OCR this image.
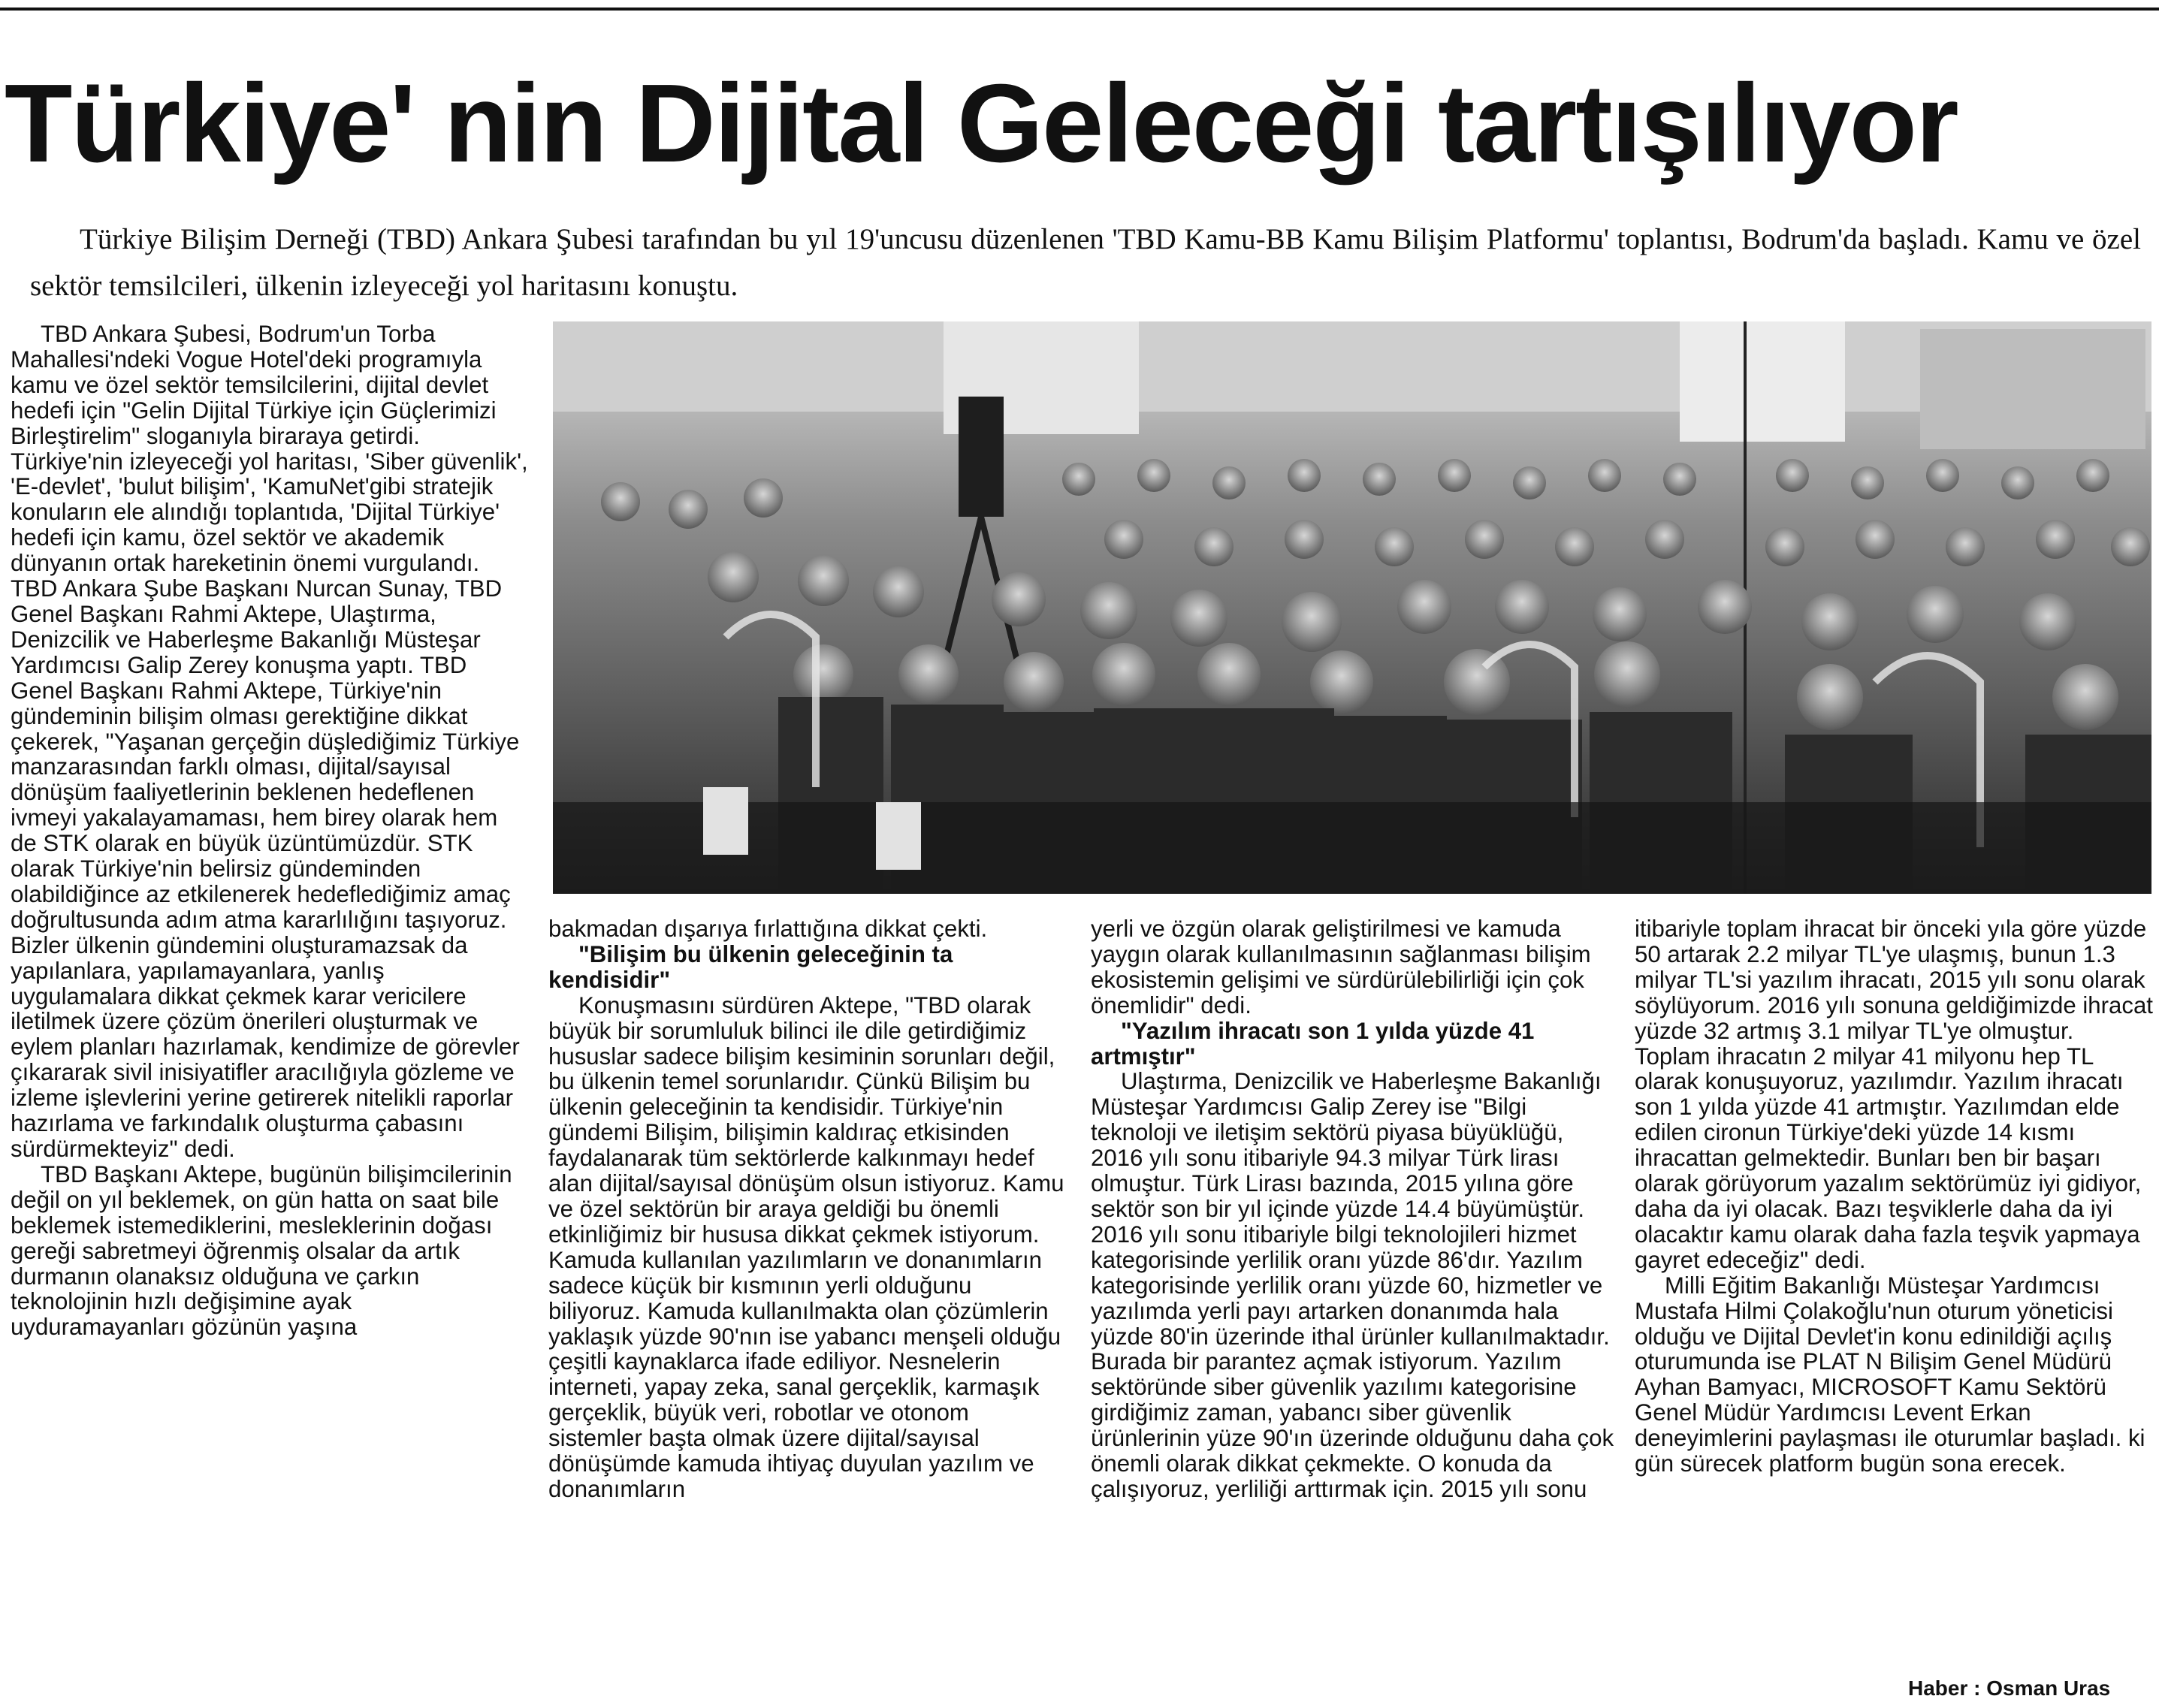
Türkiye' nin Dijital Geleceği tartışılıyor
Türkiye Bilişim Derneği (TBD) Ankara Şubesi tarafından bu yıl 19'uncusu düzenlenen 'TBD Kamu-BB Kamu Bilişim Platformu' toplantısı, Bodrum'da başladı. Kamu ve özel sektör temsilcileri, ülkenin izleyeceği yol haritasını konuştu.

TBD Ankara Şubesi, Bodrum'un Torba Mahallesi'ndeki Vogue Hotel'deki programıyla kamu ve özel sektör temsilcilerini, dijital devlet hedefi için "Gelin Dijital Türkiye için Güçlerimizi Birleştirelim" sloganıyla biraraya getirdi. Türkiye'nin izleyeceği yol haritası, 'Siber güvenlik', 'E-devlet', 'bulut bilişim', 'KamuNet'gibi stratejik konuların ele alındığı toplantıda, 'Dijital Türkiye' hedefi için kamu, özel sektör ve akademik dünyanın ortak hareketinin önemi vurgulandı. TBD Ankara Şube Başkanı Nurcan Sunay, TBD Genel Başkanı Rahmi Aktepe, Ulaştırma, Denizcilik ve Haberleşme Bakanlığı Müsteşar Yardımcısı Galip Zerey konuşma yaptı. TBD Genel Başkanı Rahmi Aktepe, Türkiye'nin gündeminin bilişim olması gerektiğine dikkat çekerek, "Yaşanan gerçeğin düşlediğimiz Türkiye manzarasından farklı olması, dijital/sayısal dönüşüm faaliyetlerinin beklenen hedeflenen ivmeyi yakalayamaması, hem birey olarak hem de STK olarak en büyük üzüntümüzdür. STK olarak Türkiye'nin belirsiz gündeminden olabildiğince az etkilenerek hedeflediğimiz amaç doğrultusunda adım atma kararlılığını taşıyoruz. Bizler ülkenin gündemini oluşturamazsak da yapılanlara, yapılamayanlara, yanlış uygulamalara dikkat çekmek karar vericilere iletilmek üzere çözüm önerileri oluşturmak ve eylem planları hazırlamak, kendimize de görevler çıkararak sivil inisiyatifler aracılığıyla gözleme ve izleme işlevlerini yerine getirerek nitelikli raporlar hazırlama ve farkındalık oluşturma çabasını sürdürmekteyiz" dedi.

TBD Başkanı Aktepe, bugünün bilişimcilerinin değil on yıl beklemek, on gün hatta on saat bile beklemek istemediklerini, mesleklerinin doğası gereği sabretmeyi öğrenmiş olsalar da artık durmanın olanaksız olduğuna ve çarkın teknolojinin hızlı değişimine ayak uyduramayanları gözünün yaşına

bakmadan dışarıya fırlattığına dikkat çekti.

"Bilişim bu ülkenin geleceğinin ta kendisidir"

Konuşmasını sürdüren Aktepe, "TBD olarak büyük bir sorumluluk bilinci ile dile getirdiğimiz hususlar sadece bilişim kesiminin sorunları değil, bu ülkenin temel sorunlarıdır. Çünkü Bilişim bu ülkenin geleceğinin ta kendisidir. Türkiye'nin gündemi Bilişim, bilişimin kaldıraç etkisinden faydalanarak tüm sektörlerde kalkınmayı hedef alan dijital/sayısal dönüşüm olsun istiyoruz. Kamu ve özel sektörün bir araya geldiği bu önemli etkinliğimiz bir hususa dikkat çekmek istiyorum. Kamuda kullanılan yazılımların ve donanımların sadece küçük bir kısmının yerli olduğunu biliyoruz. Kamuda kullanılmakta olan çözümlerin yaklaşık yüzde 90'nın ise yabancı menşeli olduğu çeşitli kaynaklarca ifade ediliyor. Nesnelerin interneti, yapay zeka, sanal gerçeklik, karmaşık gerçeklik, büyük veri, robotlar ve otonom sistemler başta olmak üzere dijital/sayısal dönüşümde kamuda ihtiyaç duyulan yazılım ve donanımların

yerli ve özgün olarak geliştirilmesi ve kamuda yaygın olarak kullanılmasının sağlanması bilişim ekosistemin gelişimi ve sürdürülebilirliği için çok önemlidir" dedi.

"Yazılım ihracatı son 1 yılda yüzde 41 artmıştır"

Ulaştırma, Denizcilik ve Haberleşme Bakanlığı Müsteşar Yardımcısı Galip Zerey ise "Bilgi teknoloji ve iletişim sektörü piyasa büyüklüğü, 2016 yılı sonu itibariyle 94.3 milyar Türk lirası olmuştur. Türk Lirası bazında, 2015 yılına göre sektör son bir yıl içinde yüzde 14.4 büyümüştür. 2016 yılı sonu itibariyle bilgi teknolojileri hizmet kategorisinde yerlilik oranı yüzde 86'dır. Yazılım kategorisinde yerlilik oranı yüzde 60, hizmetler ve yazılımda yerli payı artarken donanımda hala yüzde 80'in üzerinde ithal ürünler kullanılmaktadır. Burada bir parantez açmak istiyorum. Yazılım sektöründe siber güvenlik yazılımı kategorisine girdiğimiz zaman, yabancı siber güvenlik ürünlerinin yüze 90'ın üzerinde olduğunu daha çok önemli olarak dikkat çekmekte. O konuda da çalışıyoruz, yerliliği arttırmak için. 2015 yılı sonu

itibariyle toplam ihracat bir önceki yıla göre yüzde 50 artarak 2.2 milyar TL'ye ulaşmış, bunun 1.3 milyar TL'si yazılım ihracatı, 2015 yılı sonu olarak söylüyorum. 2016 yılı sonuna geldiğimizde ihracat yüzde 32 artmış 3.1 milyar TL'ye olmuştur. Toplam ihracatın 2 milyar 41 milyonu hep TL olarak konuşuyoruz, yazılımdır. Yazılım ihracatı son 1 yılda yüzde 41 artmıştır. Yazılımdan elde edilen cironun Türkiye'deki yüzde 14 kısmı ihracattan gelmektedir. Bunları ben bir başarı olarak görüyorum yazalım sektörümüz iyi gidiyor, daha da iyi olacak. Bazı teşviklerle daha da iyi olacaktır kamu olarak daha fazla teşvik yapmaya gayret edeceğiz" dedi.

Milli Eğitim Bakanlığı Müsteşar Yardımcısı Mustafa Hilmi Çolakoğlu'nun oturum yöneticisi olduğu ve Dijital Devlet'in konu edinildiği açılış oturumunda ise PLAT N Bilişim Genel Müdürü Ayhan Bamyacı, MICROSOFT Kamu Sektörü Genel Müdür Yardımcısı Levent Erkan deneyimlerini paylaşması ile oturumlar başladı. ki gün sürecek platform bugün sona erecek.

Haber : Osman Uras
